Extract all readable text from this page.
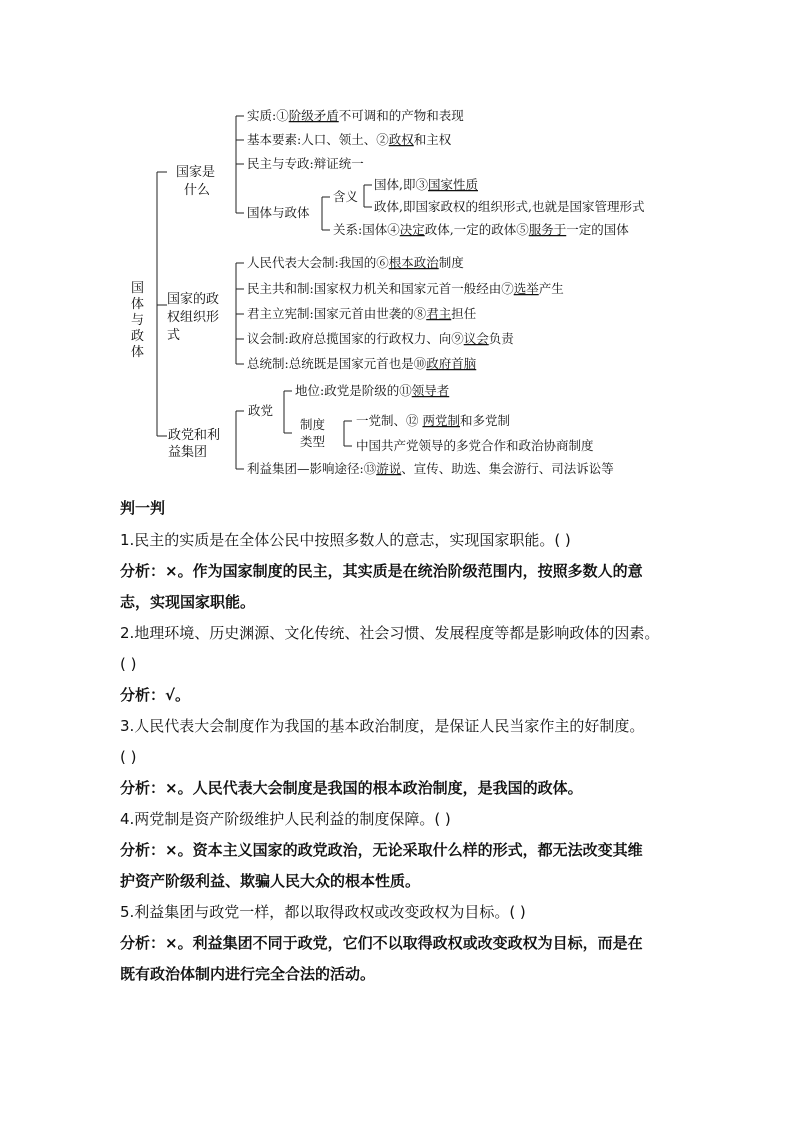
国 体 与 政 体
国家是 什么
国家的政 权组织形 式
政党和利 益集团
实质:①阶级矛盾不可调和的产物和表现
基本要素:人口、领土、②政权和主权
民主与专政:辩证统一
国体与政体
含义
国体,即③国家性质
政体,即国家政权的组织形式,也就是国家管理形式
关系:国体④决定政体,一定的政体⑤服务于一定的国体
人民代表大会制:我国的⑥根本政治制度
民主共和制:国家权力机关和国家元首一般经由⑦选举产生
君主立宪制:国家元首由世袭的⑧君主担任
议会制:政府总揽国家的行政权力、向⑨议会负责
总统制:总统既是国家元首也是⑩政府首脑
政党
地位:政党是阶级的⑪领导者
制度 类型
一党制、⑫ 两党制和多党制
中国共产党领导的多党合作和政治协商制度
利益集团—影响途径:⑬游说、宣传、助选、集会游行、司法诉讼等
判一判
1.民主的实质是在全体公民中按照多数人的意志，实现国家职能。( )
分析：×。作为国家制度的民主，其实质是在统治阶级范围内，按照多数人的意
志，实现国家职能。
2.地理环境、历史渊源、文化传统、社会习惯、发展程度等都是影响政体的因素。
( )
分析：√。
3.人民代表大会制度作为我国的基本政治制度，是保证人民当家作主的好制度。
( )
分析：×。人民代表大会制度是我国的根本政治制度，是我国的政体。
4.两党制是资产阶级维护人民利益的制度保障。( )
分析：×。资本主义国家的政党政治，无论采取什么样的形式，都无法改变其维
护资产阶级利益、欺骗人民大众的根本性质。
5.利益集团与政党一样，都以取得政权或改变政权为目标。( )
分析：×。利益集团不同于政党，它们不以取得政权或改变政权为目标，而是在
既有政治体制内进行完全合法的活动。
